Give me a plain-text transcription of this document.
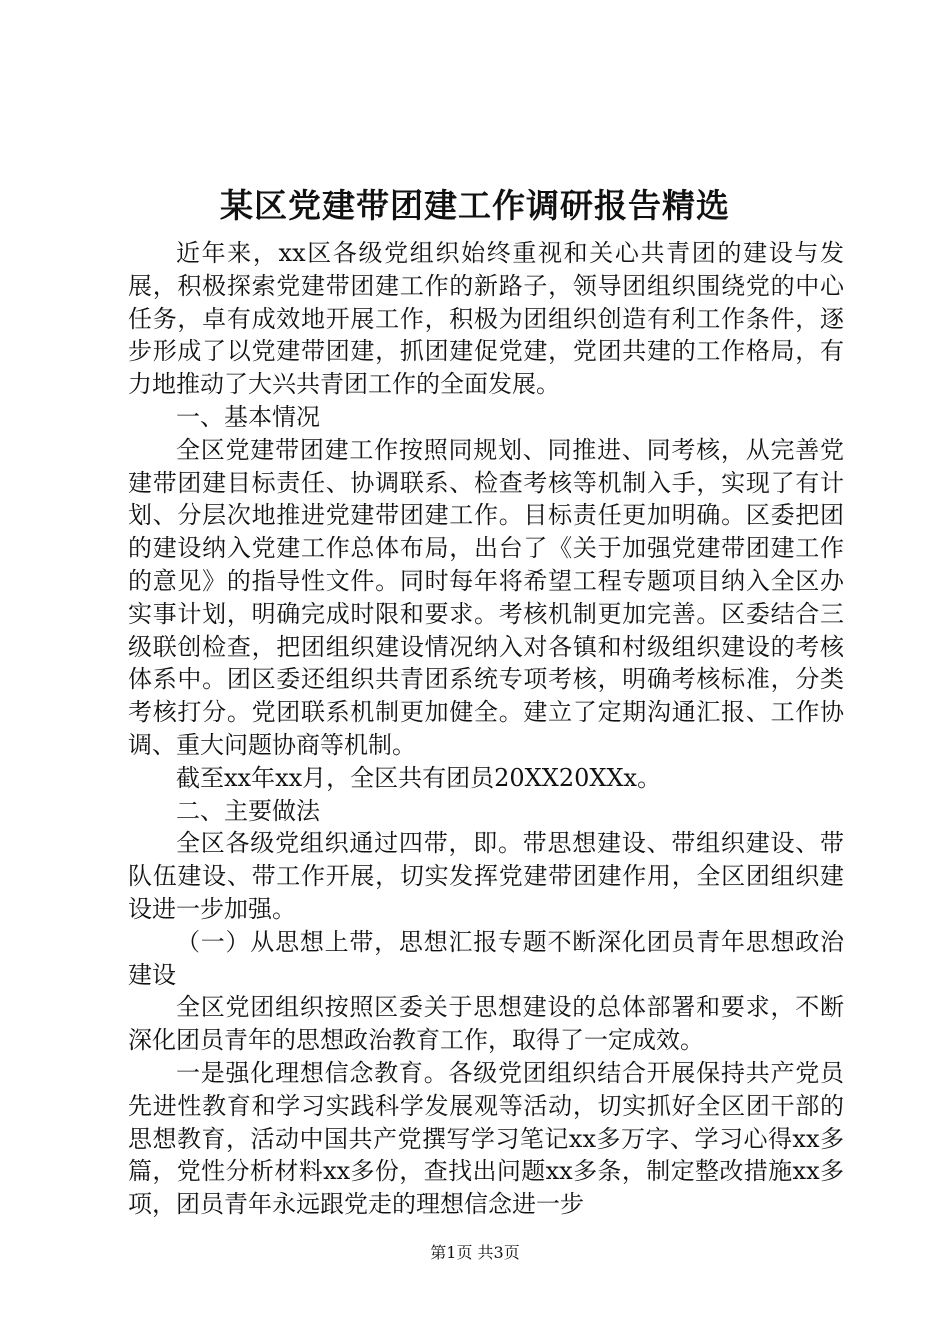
某区党建带团建工作调研报告精选

近年来，xx区各级党组织始终重视和关心共青团的建设与发展，积极探索党建带团建工作的新路子，领导团组织围绕党的中心任务，卓有成效地开展工作，积极为团组织创造有利工作条件，逐步形成了以党建带团建，抓团建促党建，党团共建的工作格局，有力地推动了大兴共青团工作的全面发展。

一、基本情况

全区党建带团建工作按照同规划、同推进、同考核，从完善党建带团建目标责任、协调联系、检查考核等机制入手，实现了有计划、分层次地推进党建带团建工作。目标责任更加明确。区委把团的建设纳入党建工作总体布局，出台了《关于加强党建带团建工作的意见》的指导性文件。同时每年将希望工程专题项目纳入全区办实事计划，明确完成时限和要求。考核机制更加完善。区委结合三级联创检查，把团组织建设情况纳入对各镇和村级组织建设的考核体系中。团区委还组织共青团系统专项考核，明确考核标准，分类考核打分。党团联系机制更加健全。建立了定期沟通汇报、工作协调、重大问题协商等机制。

截至xx年xx月，全区共有团员20XX20XXx。

二、主要做法

全区各级党组织通过四带，即。带思想建设、带组织建设、带队伍建设、带工作开展，切实发挥党建带团建作用，全区团组织建设进一步加强。

（一）从思想上带，思想汇报专题不断深化团员青年思想政治建设

全区党团组织按照区委关于思想建设的总体部署和要求，不断深化团员青年的思想政治教育工作，取得了一定成效。

一是强化理想信念教育。各级党团组织结合开展保持共产党员先进性教育和学习实践科学发展观等活动，切实抓好全区团干部的思想教育，活动中国共产党撰写学习笔记xx多万字、学习心得xx多篇，党性分析材料xx多份，查找出问题xx多条，制定整改措施xx多项，团员青年永远跟党走的理想信念进一步

第1页 共3页
